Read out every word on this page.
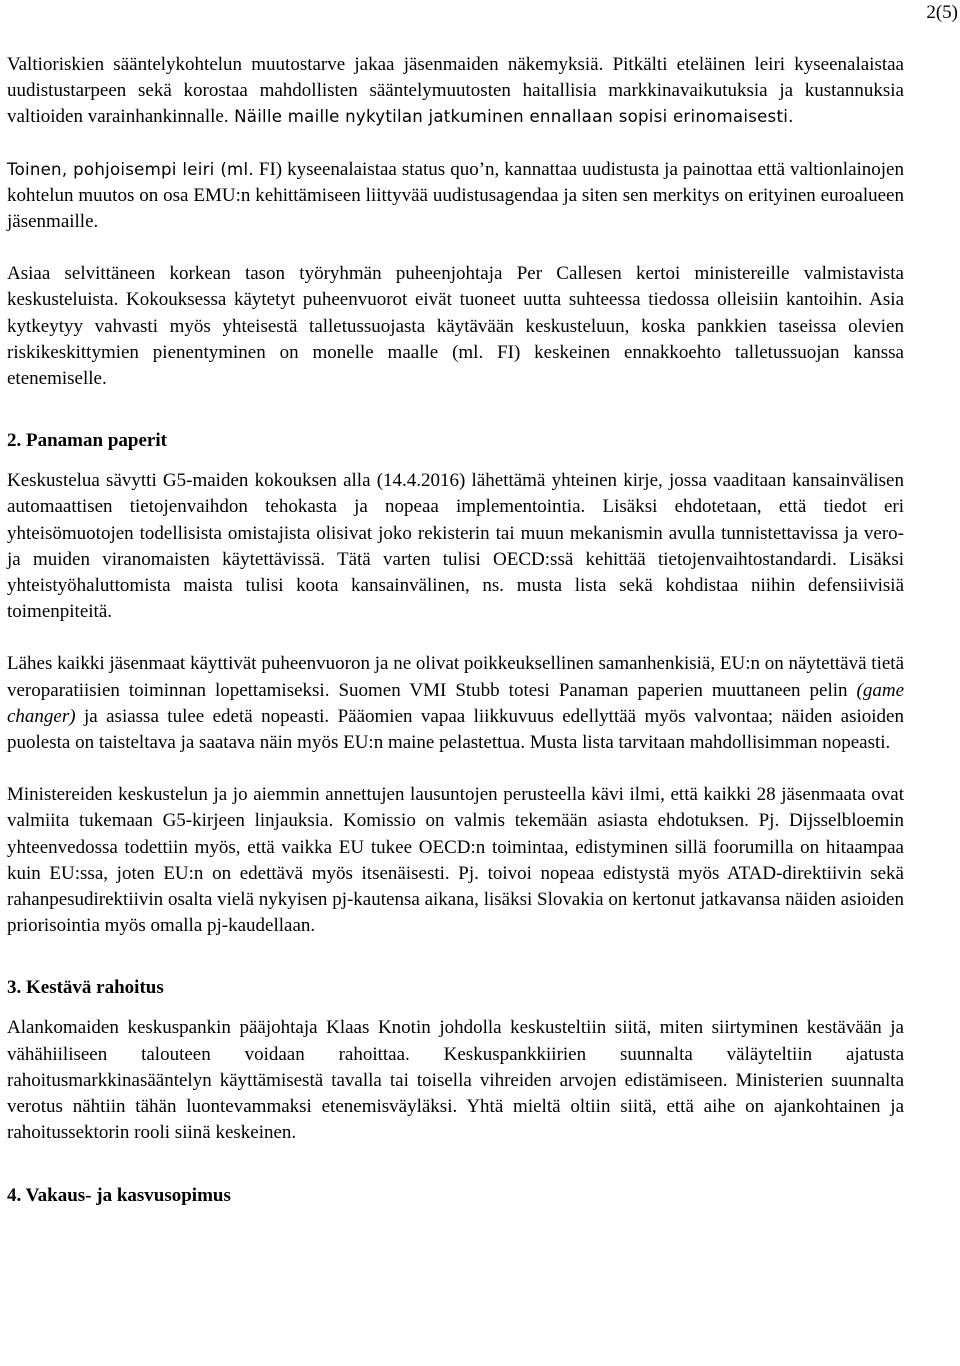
2(5)

Valtioriskien sääntelykohtelun muutostarve jakaa jäsenmaiden näkemyksiä. Pitkälti eteläinen leiri kyseenalaistaa uudistustarpeen sekä korostaa mahdollisten sääntelymuutosten haitallisia markkinavaikutuksia ja kustannuksia valtioiden varainhankinnalle. Näille maille nykytilan jatkuminen ennallaan sopisi erinomaisesti.

Toinen, pohjoisempi leiri (ml. FI) kyseenalaistaa status quo’n, kannattaa uudistusta ja painottaa että valtionlainojen kohtelun muutos on osa EMU:n kehittämiseen liittyvää uudistusagendaa ja siten sen merkitys on erityinen euroalueen jäsenmaille.

Asiaa selvittäneen korkean tason työryhmän puheenjohtaja Per Callesen kertoi ministereille valmistavista keskusteluista. Kokouksessa käytetyt puheenvuorot eivät tuoneet uutta suhteessa tiedossa olleisiin kantoihin. Asia kytkeytyy vahvasti myös yhteisestä talletussuojasta käytävään keskusteluun, koska pankkien taseissa olevien riskikeskittymien pienentyminen on monelle maalle (ml. FI) keskeinen ennakkoehto talletussuojan kanssa etenemiselle.

2. Panaman paperit

Keskustelua sävytti G5-maiden kokouksen alla (14.4.2016) lähettämä yhteinen kirje, jossa vaaditaan kansainvälisen automaattisen tietojenvaihdon tehokasta ja nopeaa implementointia. Lisäksi ehdotetaan, että tiedot eri yhteisömuotojen todellisista omistajista olisivat joko rekisterin tai muun mekanismin avulla tunnistettavissa ja vero- ja muiden viranomaisten käytettävissä. Tätä varten tulisi OECD:ssä kehittää tietojenvaihtostandardi. Lisäksi yhteistyöhaluttomista maista tulisi koota kansainvälinen, ns. musta lista sekä kohdistaa niihin defensiivisiä toimenpiteitä.

Lähes kaikki jäsenmaat käyttivät puheenvuoron ja ne olivat poikkeuksellinen samanhenkisiä, EU:n on näytettävä tietä veroparatiisien toiminnan lopettamiseksi. Suomen VMI Stubb totesi Panaman paperien muuttaneen pelin (game changer) ja asiassa tulee edetä nopeasti. Pääomien vapaa liikkuvuus edellyttää myös valvontaa; näiden asioiden puolesta on taisteltava ja saatava näin myös EU:n maine pelastettua. Musta lista tarvitaan mahdollisimman nopeasti.

Ministereiden keskustelun ja jo aiemmin annettujen lausuntojen perusteella kävi ilmi, että kaikki 28 jäsenmaata ovat valmiita tukemaan G5-kirjeen linjauksia. Komissio on valmis tekemään asiasta ehdotuksen. Pj. Dijsselbloemin yhteenvedossa todettiin myös, että vaikka EU tukee OECD:n toimintaa, edistyminen sillä foorumilla on hitaampaa kuin EU:ssa, joten EU:n on edettävä myös itsenäisesti. Pj. toivoi nopeaa edistystä myös ATAD-direktiivin sekä rahanpesudirektiivin osalta vielä nykyisen pj-kautensa aikana, lisäksi Slovakia on kertonut jatkavansa näiden asioiden priorisointia myös omalla pj-kaudellaan.

3. Kestävä rahoitus

Alankomaiden keskuspankin pääjohtaja Klaas Knotin johdolla keskusteltiin siitä, miten siirtyminen kestävään ja vähähiiliseen talouteen voidaan rahoittaa. Keskuspankkiirien suunnalta väläyteltiin ajatusta rahoitusmarkkinasääntelyn käyttämisestä tavalla tai toisella vihreiden arvojen edistämiseen. Ministerien suunnalta verotus nähtiin tähän luontevammaksi etenemisväyläksi. Yhtä mieltä oltiin siitä, että aihe on ajankohtainen ja rahoitussektorin rooli siinä keskeinen.

4. Vakaus- ja kasvusopimus
